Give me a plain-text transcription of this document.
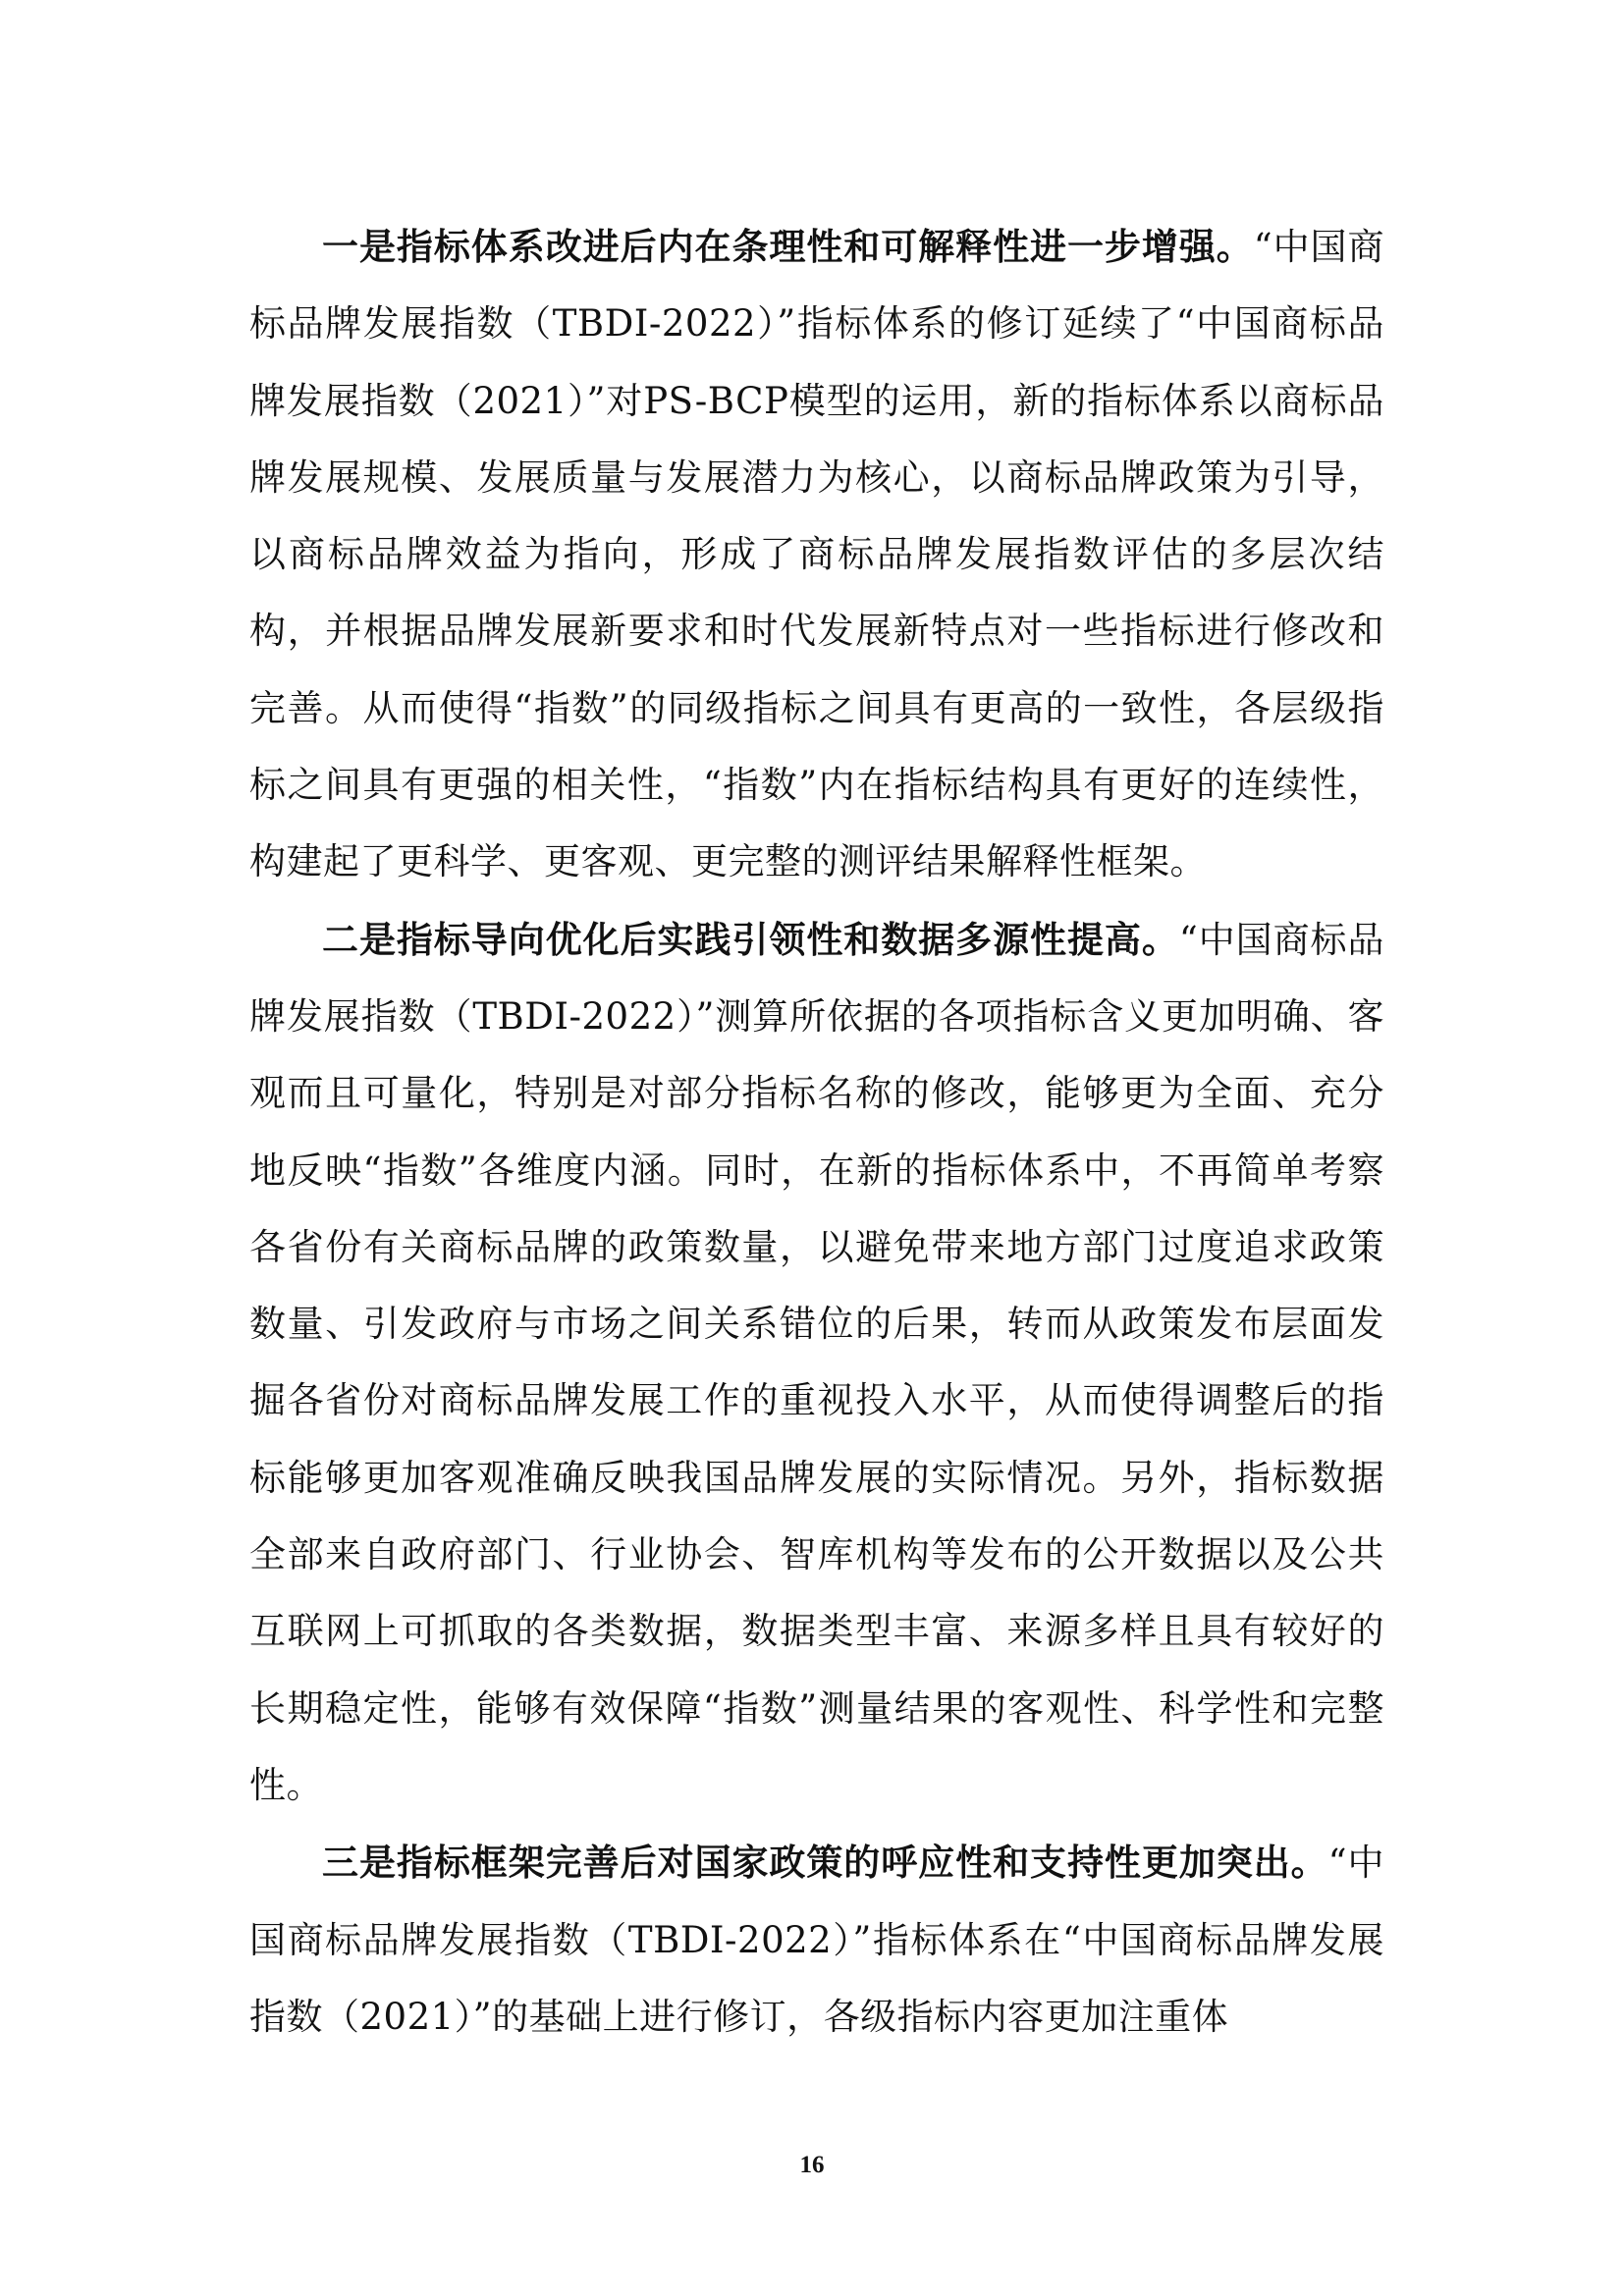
一是指标体系改进后内在条理性和可解释性进一步增强。“中国商标品牌发展指数（TBDI-2022）”指标体系的修订延续了“中国商标品牌发展指数（2021）”对PS-BCP模型的运用，新的指标体系以商标品牌发展规模、发展质量与发展潜力为核心，以商标品牌政策为引导，以商标品牌效益为指向，形成了商标品牌发展指数评估的多层次结构，并根据品牌发展新要求和时代发展新特点对一些指标进行修改和完善。从而使得“指数”的同级指标之间具有更高的一致性，各层级指标之间具有更强的相关性，“指数”内在指标结构具有更好的连续性，构建起了更科学、更客观、更完整的测评结果解释性框架。

二是指标导向优化后实践引领性和数据多源性提高。“中国商标品牌发展指数（TBDI-2022）”测算所依据的各项指标含义更加明确、客观而且可量化，特别是对部分指标名称的修改，能够更为全面、充分地反映“指数”各维度内涵。同时，在新的指标体系中，不再简单考察各省份有关商标品牌的政策数量，以避免带来地方部门过度追求政策数量、引发政府与市场之间关系错位的后果，转而从政策发布层面发掘各省份对商标品牌发展工作的重视投入水平，从而使得调整后的指标能够更加客观准确反映我国品牌发展的实际情况。另外，指标数据全部来自政府部门、行业协会、智库机构等发布的公开数据以及公共互联网上可抓取的各类数据，数据类型丰富、来源多样且具有较好的长期稳定性，能够有效保障“指数”测量结果的客观性、科学性和完整性。

三是指标框架完善后对国家政策的呼应性和支持性更加突出。“中国商标品牌发展指数（TBDI-2022）”指标体系在“中国商标品牌发展指数（2021）”的基础上进行修订，各级指标内容更加注重体

16
